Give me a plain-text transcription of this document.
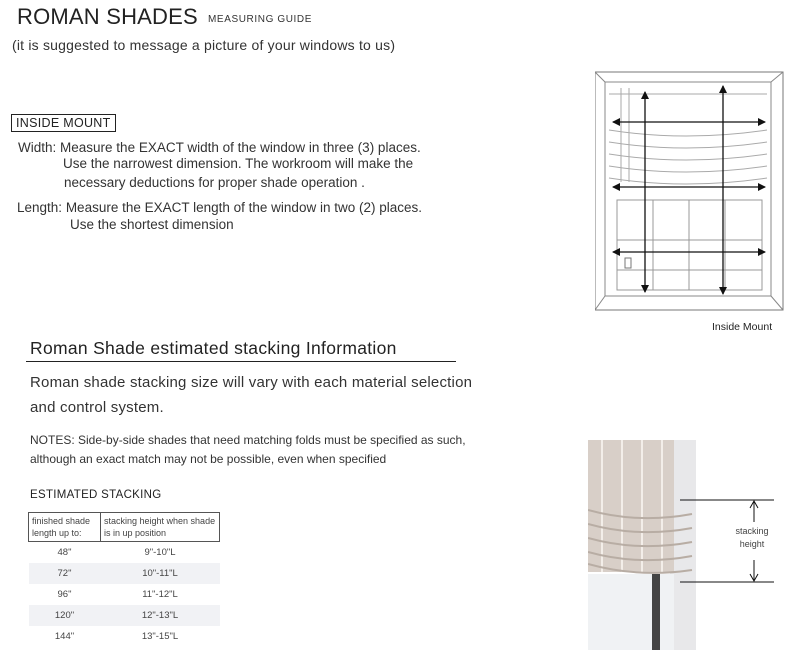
ROMAN SHADES MEASURING GUIDE
(it is suggested to message a picture of your windows to us)
INSIDE MOUNT
Width: Measure the EXACT width of the window in three (3) places.
Use the narrowest dimension. The workroom will make the
necessary deductions for proper shade operation .
Length: Measure the EXACT length of the window in two (2) places.
Use the shortest dimension
Inside Mount
Roman Shade estimated stacking Information
Roman shade stacking size will vary with each material selection
and control system.
NOTES: Side-by-side shades that need matching folds must be specified as such,
although an exact match may not be possible, even when specified
ESTIMATED STACKING
finished shade length up to:	stacking height when shade is in up position
48"	9"-10"L
72"	10"-11"L
96"	11"-12"L
120"	12"-13"L
144"	13"-15"L
stacking
height
